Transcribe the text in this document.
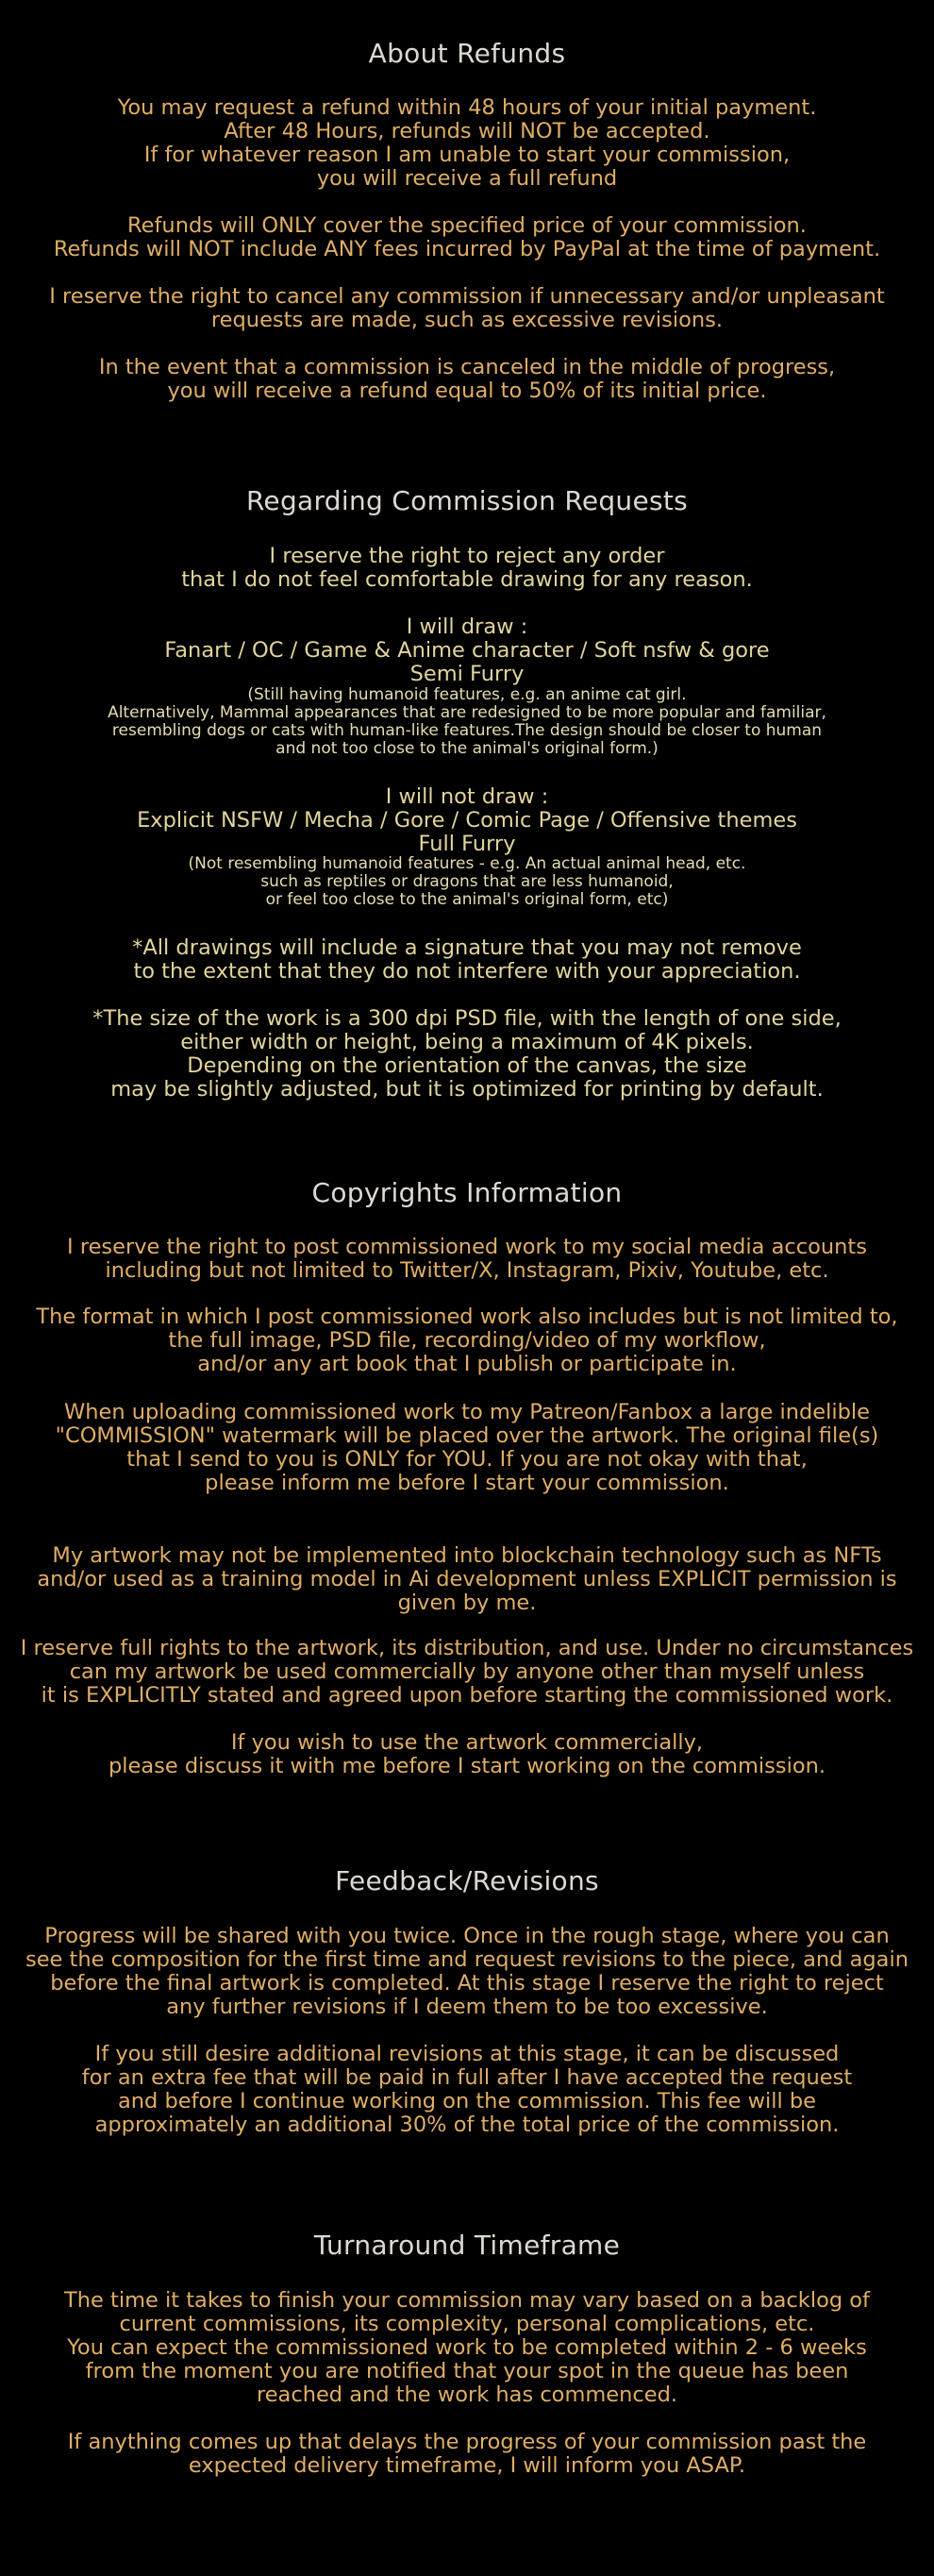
About Refunds

You may request a refund within 48 hours of your initial payment.
After 48 Hours, refunds will NOT be accepted.
If for whatever reason I am unable to start your commission,
you will receive a full refund

Refunds will ONLY cover the specified price of your commission.
Refunds will NOT include ANY fees incurred by PayPal at the time of payment.

I reserve the right to cancel any commission if unnecessary and/or unpleasant
requests are made, such as excessive revisions.

In the event that a commission is canceled in the middle of progress,
you will receive a refund equal to 50% of its initial price.

Regarding Commission Requests

I reserve the right to reject any order
that I do not feel comfortable drawing for any reason.

I will draw :
Fanart / OC / Game & Anime character / Soft nsfw & gore
Semi Furry

(Still having humanoid features, e.g. an anime cat girl.
Alternatively, Mammal appearances that are redesigned to be more popular and familiar,
resembling dogs or cats with human-like features.The design should be closer to human
and not too close to the animal's original form.)

I will not draw :
Explicit NSFW / Mecha / Gore / Comic Page / Offensive themes
Full Furry

(Not resembling humanoid features - e.g. An actual animal head, etc.
such as reptiles or dragons that are less humanoid,
or feel too close to the animal's original form, etc)

*All drawings will include a signature that you may not remove
to the extent that they do not interfere with your appreciation.

*The size of the work is a 300 dpi PSD file, with the length of one side,
either width or height, being a maximum of 4K pixels.
Depending on the orientation of the canvas, the size
may be slightly adjusted, but it is optimized for printing by default.

Copyrights Information

I reserve the right to post commissioned work to my social media accounts
including but not limited to Twitter/X, Instagram, Pixiv, Youtube, etc.

The format in which I post commissioned work also includes but is not limited to,
the full image, PSD file, recording/video of my workflow,
and/or any art book that I publish or participate in.

When uploading commissioned work to my Patreon/Fanbox a large indelible
"COMMISSION" watermark will be placed over the artwork. The original file(s)
that I send to you is ONLY for YOU. If you are not okay with that,
please inform me before I start your commission.

My artwork may not be implemented into blockchain technology such as NFTs
and/or used as a training model in Ai development unless EXPLICIT permission is
given by me.

I reserve full rights to the artwork, its distribution, and use. Under no circumstances
can my artwork be used commercially by anyone other than myself unless
it is EXPLICITLY stated and agreed upon before starting the commissioned work.

If you wish to use the artwork commercially,
please discuss it with me before I start working on the commission.

Feedback/Revisions

Progress will be shared with you twice. Once in the rough stage, where you can
see the composition for the first time and request revisions to the piece, and again
before the final artwork is completed. At this stage I reserve the right to reject
any further revisions if I deem them to be too excessive.

If you still desire additional revisions at this stage, it can be discussed
for an extra fee that will be paid in full after I have accepted the request
and before I continue working on the commission. This fee will be
approximately an additional 30% of the total price of the commission.

Turnaround Timeframe

The time it takes to finish your commission may vary based on a backlog of
current commissions, its complexity, personal complications, etc.
You can expect the commissioned work to be completed within 2 - 6 weeks
from the moment you are notified that your spot in the queue has been
reached and the work has commenced.

If anything comes up that delays the progress of your commission past the
expected delivery timeframe, I will inform you ASAP.
